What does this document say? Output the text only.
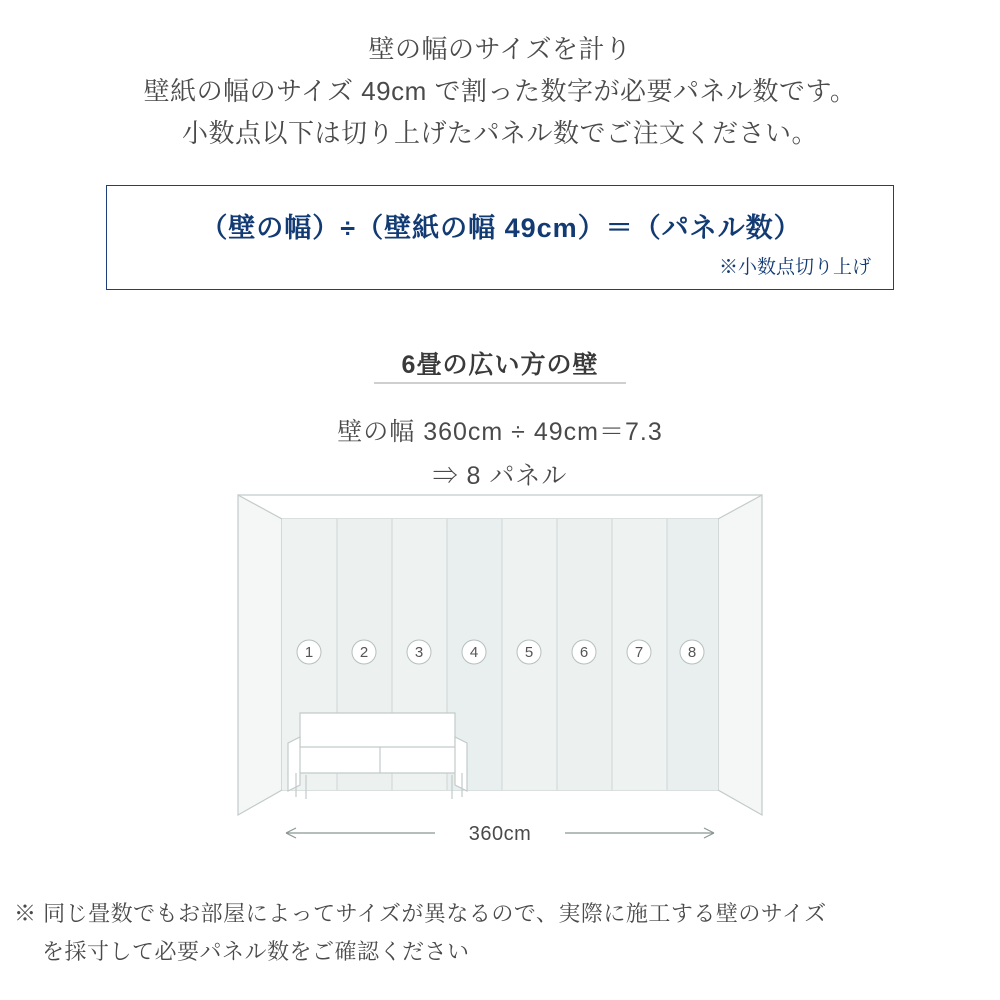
壁の幅のサイズを計り
壁紙の幅のサイズ 49cm で割った数字が必要パネル数です。
小数点以下は切り上げたパネル数でご注文ください。
（壁の幅）÷（壁紙の幅 49cm）＝（パネル数）
※小数点切り上げ
6畳の広い方の壁
壁の幅 360cm ÷ 49cm＝7.3
⇒ 8 パネル
1	2	3	4	5	6	7	8
360cm
※ 同じ畳数でもお部屋によってサイズが異なるので、実際に施工する壁のサイズ
を採寸して必要パネル数をご確認ください
